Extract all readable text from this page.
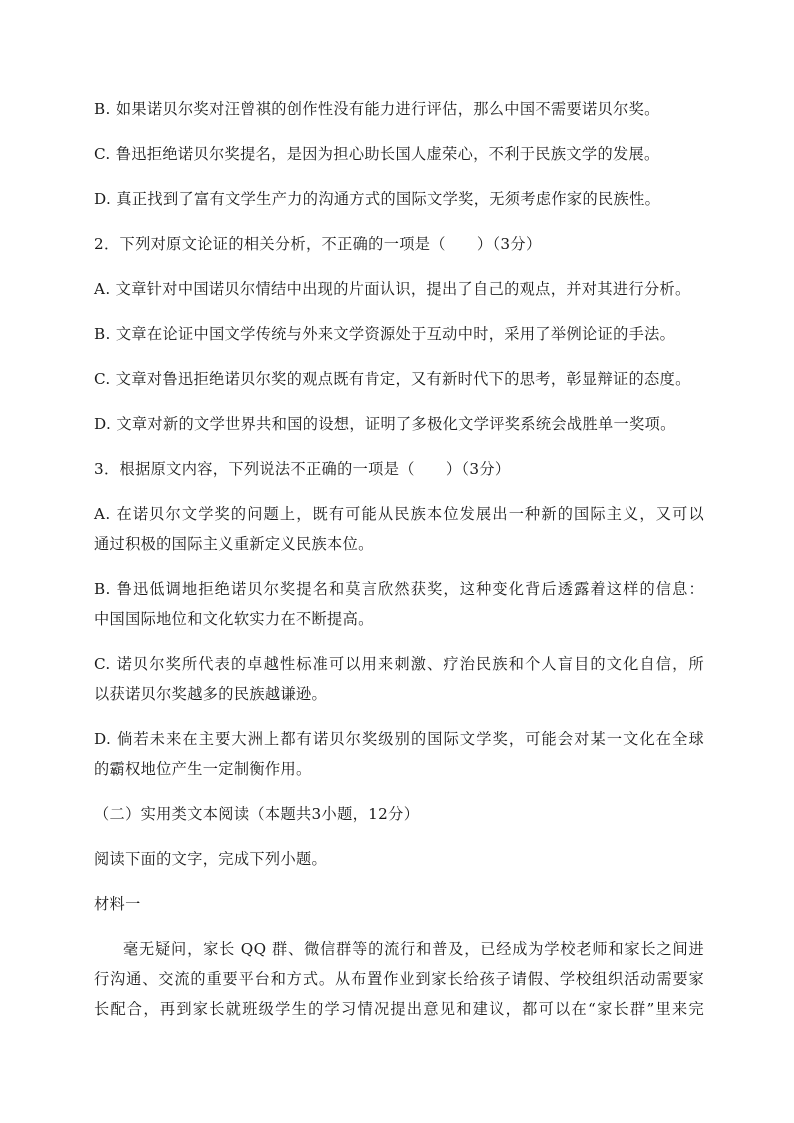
B. 如果诺贝尔奖对汪曾祺的创作性没有能力进行评估，那么中国不需要诺贝尔奖。
C. 鲁迅拒绝诺贝尔奖提名，是因为担心助长国人虚荣心，不利于民族文学的发展。
D. 真正找到了富有文学生产力的沟通方式的国际文学奖，无须考虑作家的民族性。
2．下列对原文论证的相关分析，不正确的一项是（　　）（3分）
A. 文章针对中国诺贝尔情结中出现的片面认识，提出了自己的观点，并对其进行分析。
B. 文章在论证中国文学传统与外来文学资源处于互动中时，采用了举例论证的手法。
C. 文章对鲁迅拒绝诺贝尔奖的观点既有肯定，又有新时代下的思考，彰显辩证的态度。
D. 文章对新的文学世界共和国的设想，证明了多极化文学评奖系统会战胜单一奖项。
3．根据原文内容，下列说法不正确的一项是（　　）（3分）
A. 在诺贝尔文学奖的问题上，既有可能从民族本位发展出一种新的国际主义，又可以
通过积极的国际主义重新定义民族本位。
B. 鲁迅低调地拒绝诺贝尔奖提名和莫言欣然获奖，这种变化背后透露着这样的信息：
中国国际地位和文化软实力在不断提高。
C. 诺贝尔奖所代表的卓越性标准可以用来刺激、疗治民族和个人盲目的文化自信，所
以获诺贝尔奖越多的民族越谦逊。
D. 倘若未来在主要大洲上都有诺贝尔奖级别的国际文学奖，可能会对某一文化在全球
的霸权地位产生一定制衡作用。
（二）实用类文本阅读（本题共3小题，12分）
阅读下面的文字，完成下列小题。
材料一
毫无疑问，家长 QQ 群、微信群等的流行和普及，已经成为学校老师和家长之间进
行沟通、交流的重要平台和方式。从布置作业到家长给孩子请假、学校组织活动需要家
长配合，再到家长就班级学生的学习情况提出意见和建议，都可以在“家长群”里来完
